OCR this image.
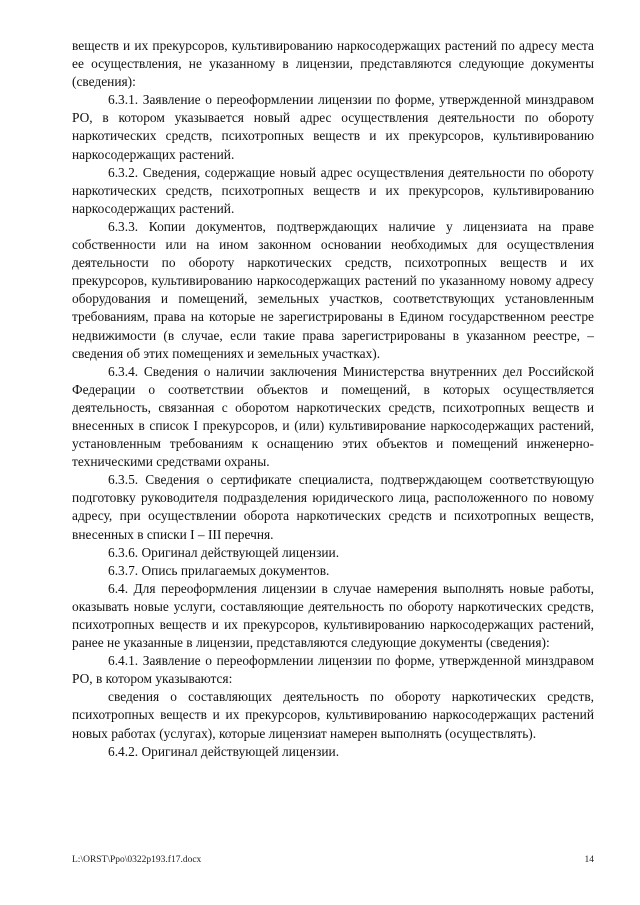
веществ и их прекурсоров, культивированию наркосодержащих растений по адресу места ее осуществления, не указанному в лицензии, представляются следующие документы (сведения):

6.3.1. Заявление о переоформлении лицензии по форме, утвержденной минздравом РО, в котором указывается новый адрес осуществления деятельности по обороту наркотических средств, психотропных веществ и их прекурсоров, культивированию наркосодержащих растений.

6.3.2. Сведения, содержащие новый адрес осуществления деятельности по обороту наркотических средств, психотропных веществ и их прекурсоров, культивированию наркосодержащих растений.

6.3.3. Копии документов, подтверждающих наличие у лицензиата на праве собственности или на ином законном основании необходимых для осуществления деятельности по обороту наркотических средств, психотропных веществ и их прекурсоров, культивированию наркосодержащих растений по указанному новому адресу оборудования и помещений, земельных участков, соответствующих установленным требованиям, права на которые не зарегистрированы в Едином государственном реестре недвижимости (в случае, если такие права зарегистрированы в указанном реестре, – сведения об этих помещениях и земельных участках).

6.3.4. Сведения о наличии заключения Министерства внутренних дел Российской Федерации о соответствии объектов и помещений, в которых осуществляется деятельность, связанная с оборотом наркотических средств, психотропных веществ и внесенных в список I прекурсоров, и (или) культивирование наркосодержащих растений, установленным требованиям к оснащению этих объектов и помещений инженерно-техническими средствами охраны.

6.3.5. Сведения о сертификате специалиста, подтверждающем соответствующую подготовку руководителя подразделения юридического лица, расположенного по новому адресу, при осуществлении оборота наркотических средств и психотропных веществ, внесенных в списки I – III перечня.

6.3.6. Оригинал действующей лицензии.

6.3.7. Опись прилагаемых документов.

6.4. Для переоформления лицензии в случае намерения выполнять новые работы, оказывать новые услуги, составляющие деятельность по обороту наркотических средств, психотропных веществ и их прекурсоров, культивированию наркосодержащих растений, ранее не указанные в лицензии, представляются следующие документы (сведения):

6.4.1. Заявление о переоформлении лицензии по форме, утвержденной минздравом РО, в котором указываются:

сведения о составляющих деятельность по обороту наркотических средств, психотропных веществ и их прекурсоров, культивированию наркосодержащих растений новых работах (услугах), которые лицензиат намерен выполнять (осуществлять).

6.4.2. Оригинал действующей лицензии.

L:\ORST\Ppo\0322p193.f17.docx	14
